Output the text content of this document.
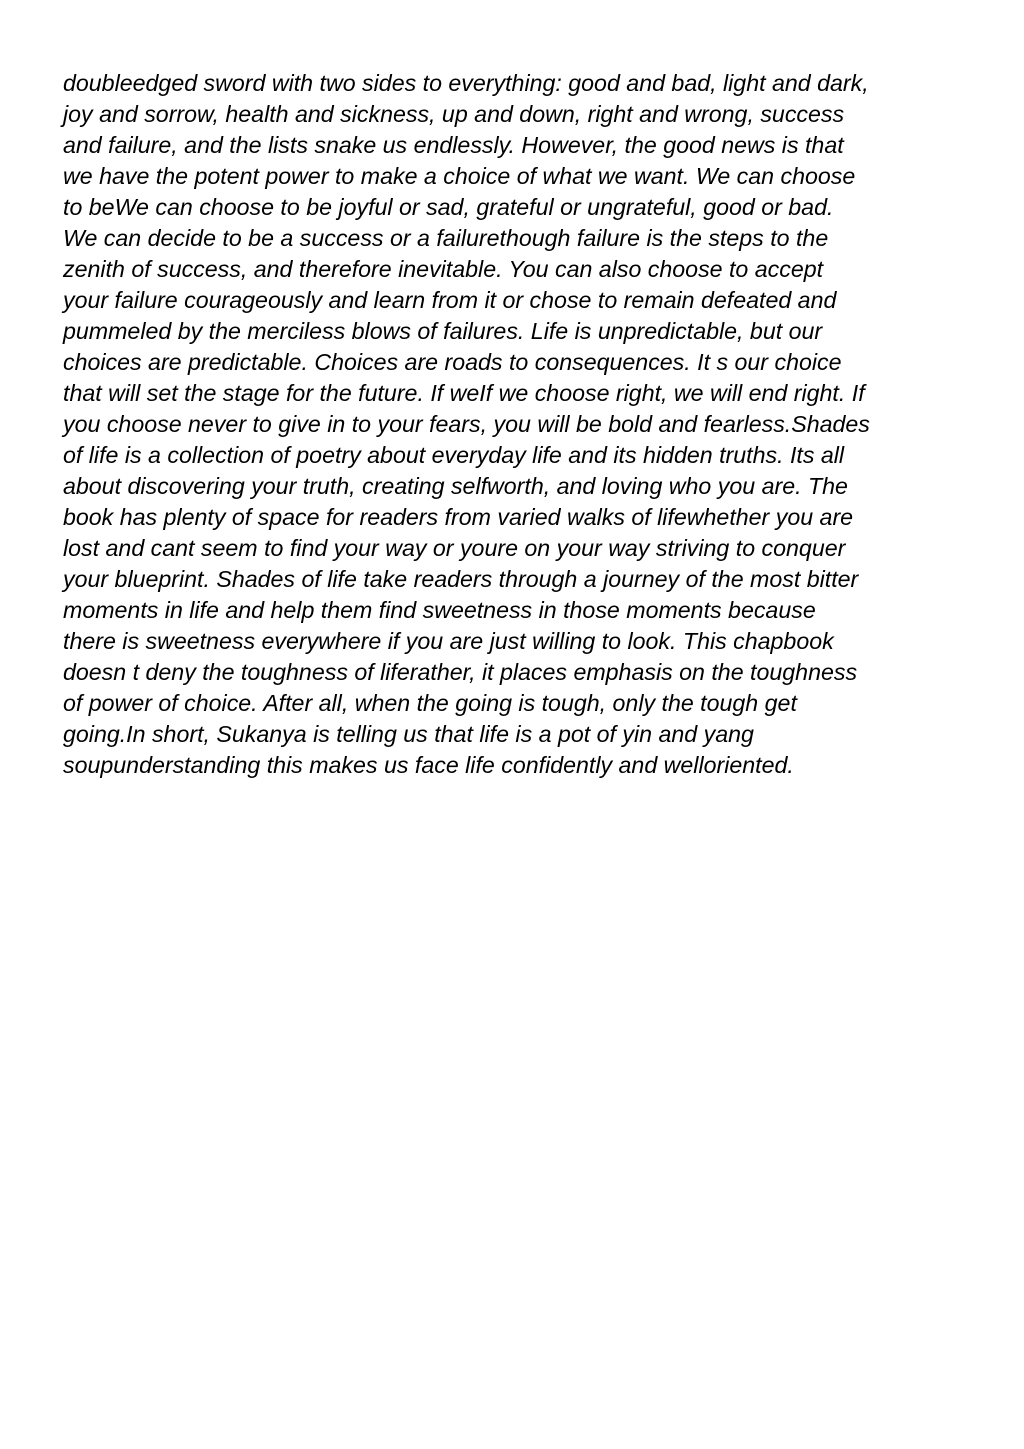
doubleedged sword with two sides to everything: good and bad, light and dark,
joy and sorrow, health and sickness, up and down, right and wrong, success
and failure, and the lists snake us endlessly. However, the good news is that
we have the potent power to make a choice of what we want. We can choose
to beWe can choose to be joyful or sad, grateful or ungrateful, good or bad.
We can decide to be a success or a failurethough failure is the steps to the
zenith of success, and therefore inevitable. You can also choose to accept
your failure courageously and learn from it or chose to remain defeated and
pummeled by the merciless blows of failures. Life is unpredictable, but our
choices are predictable. Choices are roads to consequences. It s our choice
that will set the stage for the future. If weIf we choose right, we will end right. If
you choose never to give in to your fears, you will be bold and fearless.Shades
of life is a collection of poetry about everyday life and its hidden truths. Its all
about discovering your truth, creating selfworth, and loving who you are. The
book has plenty of space for readers from varied walks of lifewhether you are
lost and cant seem to find your way or youre on your way striving to conquer
your blueprint. Shades of life take readers through a journey of the most bitter
moments in life and help them find sweetness in those moments because
there is sweetness everywhere if you are just willing to look. This chapbook
doesn t deny the toughness of liferather, it places emphasis on the toughness
of power of choice. After all, when the going is tough, only the tough get
going.In short, Sukanya is telling us that life is a pot of yin and yang
soupunderstanding this makes us face life confidently and welloriented.
